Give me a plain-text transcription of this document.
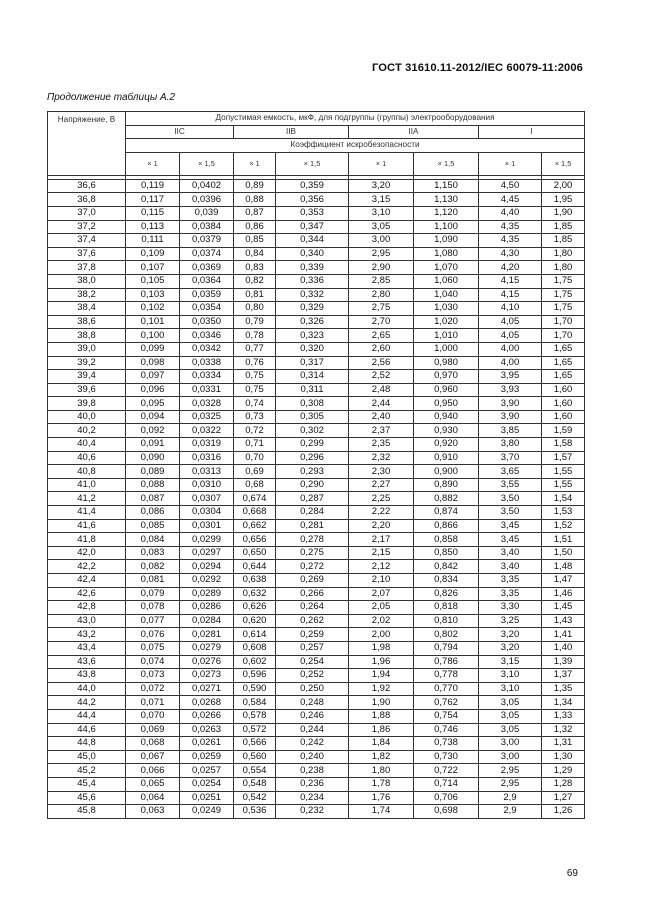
ГОСТ 31610.11-2012/IEC 60079-11:2006
Продолжение таблицы А.2
Напряжение, В	Допустимая емкость, мкФ, для подгруппы (группы) электрооборудования							
	IIC		IIB		IIA		I	
	Коэффициент искробезопасности							
	× 1	× 1,5	× 1	× 1,5	× 1	× 1,5	× 1	× 1,5

36,6	0,119	0,0402	0,89	0,359	3,20	1,150	4,50	2,00
36,8	0,117	0,0396	0,88	0,356	3,15	1,130	4,45	1,95
37,0	0,115	0,039	0,87	0,353	3,10	1,120	4,40	1,90
37,2	0,113	0,0384	0,86	0,347	3,05	1,100	4,35	1,85
37,4	0,111	0,0379	0,85	0,344	3,00	1,090	4,35	1,85
37,6	0,109	0,0374	0,84	0,340	2,95	1,080	4,30	1,80
37,8	0,107	0,0369	0,83	0,339	2,90	1,070	4,20	1,80
38,0	0,105	0,0364	0,82	0,336	2,85	1,060	4,15	1,75
38,2	0,103	0,0359	0,81	0,332	2,80	1,040	4,15	1,75
38,4	0,102	0,0354	0,80	0,329	2,75	1,030	4,10	1,75
38,6	0,101	0,0350	0,79	0,326	2,70	1,020	4,05	1,70
38,8	0,100	0,0346	0,78	0,323	2,65	1,010	4,05	1,70
39,0	0,099	0,0342	0,77	0,320	2,60	1,000	4,00	1,65
39,2	0,098	0,0338	0,76	0,317	2,56	0,980	4,00	1,65
39,4	0,097	0,0334	0,75	0,314	2,52	0,970	3,95	1,65
39,6	0,096	0,0331	0,75	0,311	2,48	0,960	3,93	1,60
39,8	0,095	0,0328	0,74	0,308	2,44	0,950	3,90	1,60
40,0	0,094	0,0325	0,73	0,305	2,40	0,940	3,90	1,60
40,2	0,092	0,0322	0,72	0,302	2,37	0,930	3,85	1,59
40,4	0,091	0,0319	0,71	0,299	2,35	0,920	3,80	1,58
40,6	0,090	0,0316	0,70	0,296	2,32	0,910	3,70	1,57
40,8	0,089	0,0313	0,69	0,293	2,30	0,900	3,65	1,55
41,0	0,088	0,0310	0,68	0,290	2,27	0,890	3,55	1,55
41,2	0,087	0,0307	0,674	0,287	2,25	0,882	3,50	1,54
41,4	0,086	0,0304	0,668	0,284	2,22	0,874	3,50	1,53
41,6	0,085	0,0301	0,662	0,281	2,20	0,866	3,45	1,52
41,8	0,084	0,0299	0,656	0,278	2,17	0,858	3,45	1,51
42,0	0,083	0,0297	0,650	0,275	2,15	0,850	3,40	1,50
42,2	0,082	0,0294	0,644	0,272	2,12	0,842	3,40	1,48
42,4	0,081	0,0292	0,638	0,269	2,10	0,834	3,35	1,47
42,6	0,079	0,0289	0,632	0,266	2,07	0,826	3,35	1,46
42,8	0,078	0,0286	0,626	0,264	2,05	0,818	3,30	1,45
43,0	0,077	0,0284	0,620	0,262	2,02	0,810	3,25	1,43
43,2	0,076	0,0281	0,614	0,259	2,00	0,802	3,20	1,41
43,4	0,075	0,0279	0,608	0,257	1,98	0,794	3,20	1,40
43,6	0,074	0,0276	0,602	0,254	1,96	0,786	3,15	1,39
43,8	0,073	0,0273	0,596	0,252	1,94	0,778	3,10	1,37
44,0	0,072	0,0271	0,590	0,250	1,92	0,770	3,10	1,35
44,2	0,071	0,0268	0,584	0,248	1,90	0,762	3,05	1,34
44,4	0,070	0,0266	0,578	0,246	1,88	0,754	3,05	1,33
44,6	0,069	0,0263	0,572	0,244	1,86	0,746	3,05	1,32
44,8	0,068	0,0261	0,566	0,242	1,84	0,738	3,00	1,31
45,0	0,067	0,0259	0,560	0,240	1,82	0,730	3,00	1,30
45,2	0,066	0,0257	0,554	0,238	1,80	0,722	2,95	1,29
45,4	0,065	0,0254	0,548	0,236	1,78	0,714	2,95	1,28
45,6	0,064	0,0251	0,542	0,234	1,76	0,706	2,9	1,27
45,8	0,063	0,0249	0,536	0,232	1,74	0,698	2,9	1,26
69
